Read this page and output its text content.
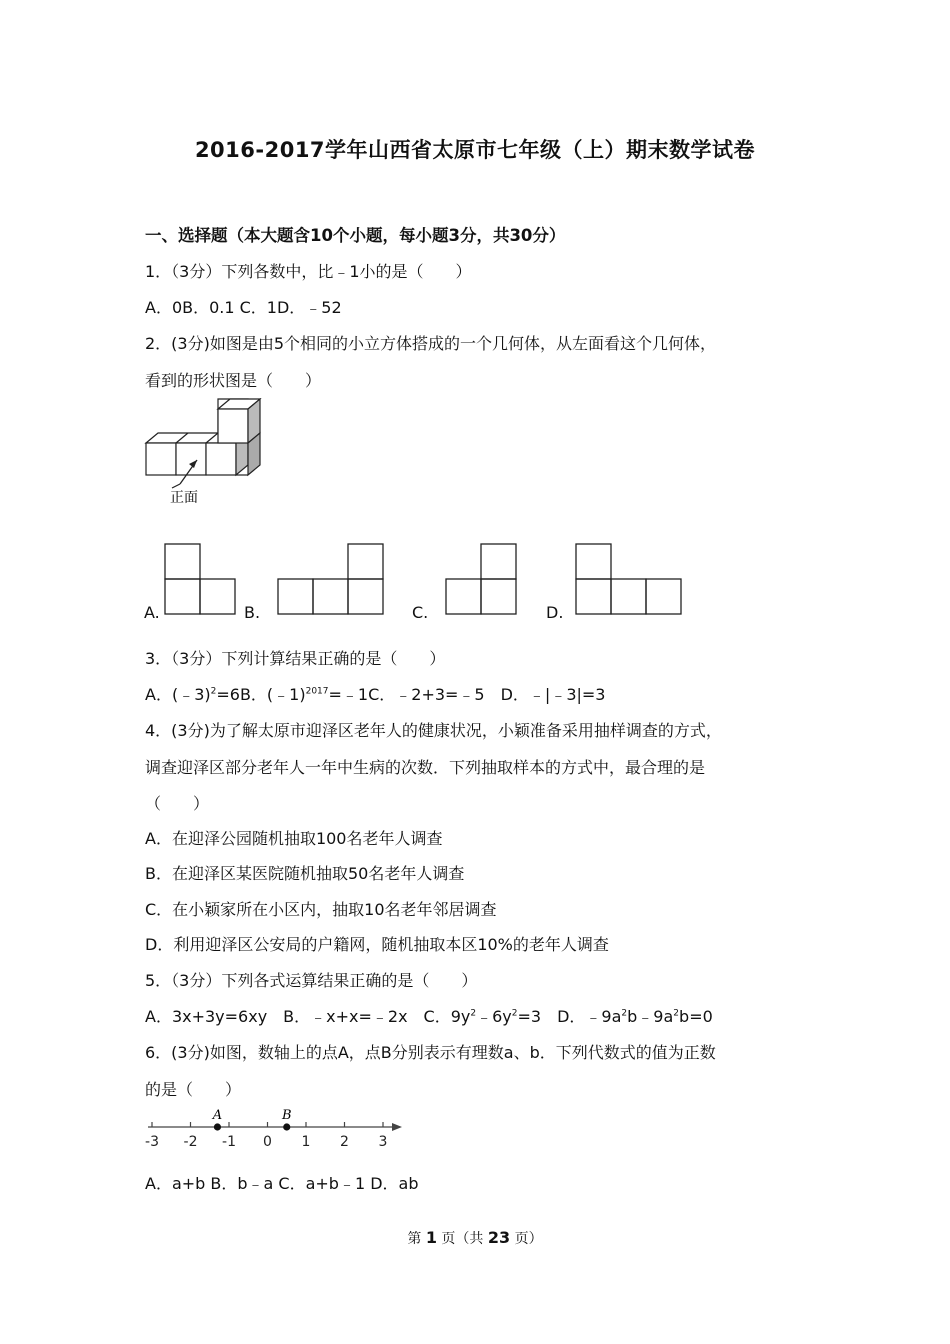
2016-2017学年山西省太原市七年级（上）期末数学试卷
一、选择题（本大题含10个小题，每小题3分，共30分）
1．（3分）下列各数中，比﹣1小的是（　　）
A．0B．0.1 C．1D．﹣52
2．(3分)如图是由5个相同的小立方体搭成的一个几何体，从左面看这个几何体，
看到的形状图是（　　）
正面
A.	B.	C.	D.
3．（3分）下列计算结果正确的是（　　）
A．(﹣3)$^2$=6B．(﹣1)$^{2017}$=﹣1C．﹣2+3=﹣5　D．﹣|﹣3|=3
4．(3分)为了解太原市迎泽区老年人的健康状况，小颖准备采用抽样调查的方式，
调查迎泽区部分老年人一年中生病的次数．下列抽取样本的方式中，最合理的是
（　　）
A．在迎泽公园随机抽取100名老年人调查
B．在迎泽区某医院随机抽取50名老年人调查
C．在小颖家所在小区内，抽取10名老年邻居调查
D．利用迎泽区公安局的户籍网，随机抽取本区10%的老年人调查
5．（3分）下列各式运算结果正确的是（　　）
A．3x+3y=6xy　B．﹣x+x=﹣2x　C．$9y^2﹣6y^2=3$　D．$﹣9a^2b﹣9a^2b=0$
6．(3分)如图，数轴上的点A，点B分别表示有理数a、b．下列代数式的值为正数
的是（　　）
-3 -2 -1 0 1 2 3
A	B
A．a+b B．b﹣a C．a+b﹣1 D．ab
第 1 页（共 23 页）
